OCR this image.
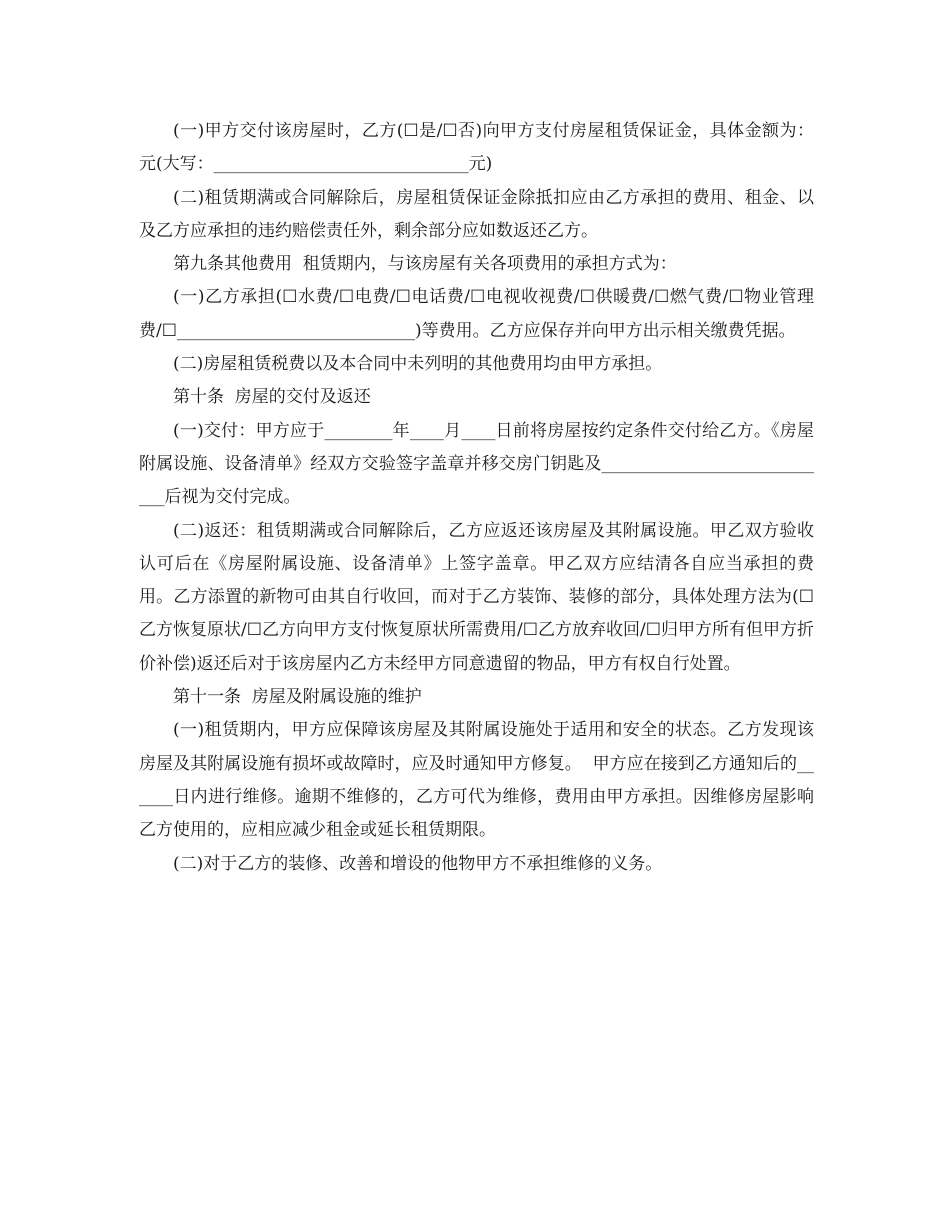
(一)甲方交付该房屋时，乙方(☐是/☐否)向甲方支付房屋租赁保证金，具体金额为：  元(大写：______________________________元)

(二)租赁期满或合同解除后，房屋租赁保证金除抵扣应由乙方承担的费用、租金、以及乙方应承担的违约赔偿责任外，剩余部分应如数返还乙方。

第九条其他费用  租赁期内，与该房屋有关各项费用的承担方式为：

(一)乙方承担(☐水费/☐电费/☐电话费/☐电视收视费/☐供暖费/☐燃气费/☐物业管理费/☐____________________________)等费用。乙方应保存并向甲方出示相关缴费凭据。

(二)房屋租赁税费以及本合同中未列明的其他费用均由甲方承担。

第十条  房屋的交付及返还

(一)交付：甲方应于________年____月____日前将房屋按约定条件交付给乙方。《房屋附属设施、设备清单》经双方交验签字盖章并移交房门钥匙及____________________________后视为交付完成。

(二)返还：租赁期满或合同解除后，乙方应返还该房屋及其附属设施。甲乙双方验收认可后在《房屋附属设施、设备清单》上签字盖章。甲乙双方应结清各自应当承担的费用。乙方添置的新物可由其自行收回，而对于乙方装饰、装修的部分，具体处理方法为(☐乙方恢复原状/☐乙方向甲方支付恢复原状所需费用/☐乙方放弃收回/☐归甲方所有但甲方折价补偿)返还后对于该房屋内乙方未经甲方同意遗留的物品，甲方有权自行处置。

第十一条  房屋及附属设施的维护

(一)租赁期内，甲方应保障该房屋及其附属设施处于适用和安全的状态。乙方发现该房屋及其附属设施有损坏或故障时，应及时通知甲方修复。  甲方应在接到乙方通知后的______日内进行维修。逾期不维修的，乙方可代为维修，费用由甲方承担。因维修房屋影响乙方使用的，应相应减少租金或延长租赁期限。

(二)对于乙方的装修、改善和增设的他物甲方不承担维修的义务。
